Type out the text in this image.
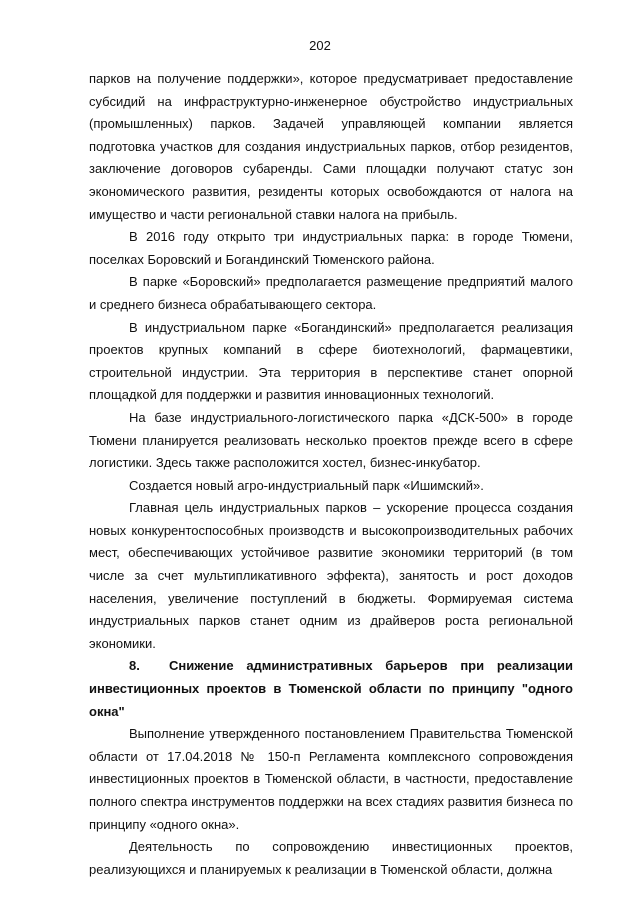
202

парков на получение поддержки», которое предусматривает предоставление субсидий на инфраструктурно-инженерное обустройство индустриальных (промышленных) парков. Задачей управляющей компании является подготовка участков для создания индустриальных парков, отбор резидентов, заключение договоров субаренды. Сами площадки получают статус зон экономического развития, резиденты которых освобождаются от налога на имущество и части региональной ставки налога на прибыль.

В 2016 году открыто три индустриальных парка: в городе Тюмени, поселках Боровский и Богандинский Тюменского района.

В парке «Боровский» предполагается размещение предприятий малого и среднего бизнеса обрабатывающего сектора.

В индустриальном парке «Богандинский» предполагается реализация проектов крупных компаний в сфере биотехнологий, фармацевтики, строительной индустрии. Эта территория в перспективе станет опорной площадкой для поддержки и развития инновационных технологий.

На базе индустриального-логистического парка «ДСК-500» в городе Тюмени планируется реализовать несколько проектов прежде всего в сфере логистики. Здесь также расположится хостел, бизнес-инкубатор.

Создается новый агро-индустриальный парк «Ишимский».

Главная цель индустриальных парков – ускорение процесса создания новых конкурентоспособных производств и высокопроизводительных рабочих мест, обеспечивающих устойчивое развитие экономики территорий (в том числе за счет мультипликативного эффекта), занятость и рост доходов населения, увеличение поступлений в бюджеты. Формируемая система индустриальных парков станет одним из драйверов роста региональной экономики.

8. Снижение административных барьеров при реализации инвестиционных проектов в Тюменской области по принципу "одного окна"

Выполнение утвержденного постановлением Правительства Тюменской области от 17.04.2018 № 150-п Регламента комплексного сопровождения инвестиционных проектов в Тюменской области, в частности, предоставление полного спектра инструментов поддержки на всех стадиях развития бизнеса по принципу «одного окна».

Деятельность по сопровождению инвестиционных проектов, реализующихся и планируемых к реализации в Тюменской области, должна
